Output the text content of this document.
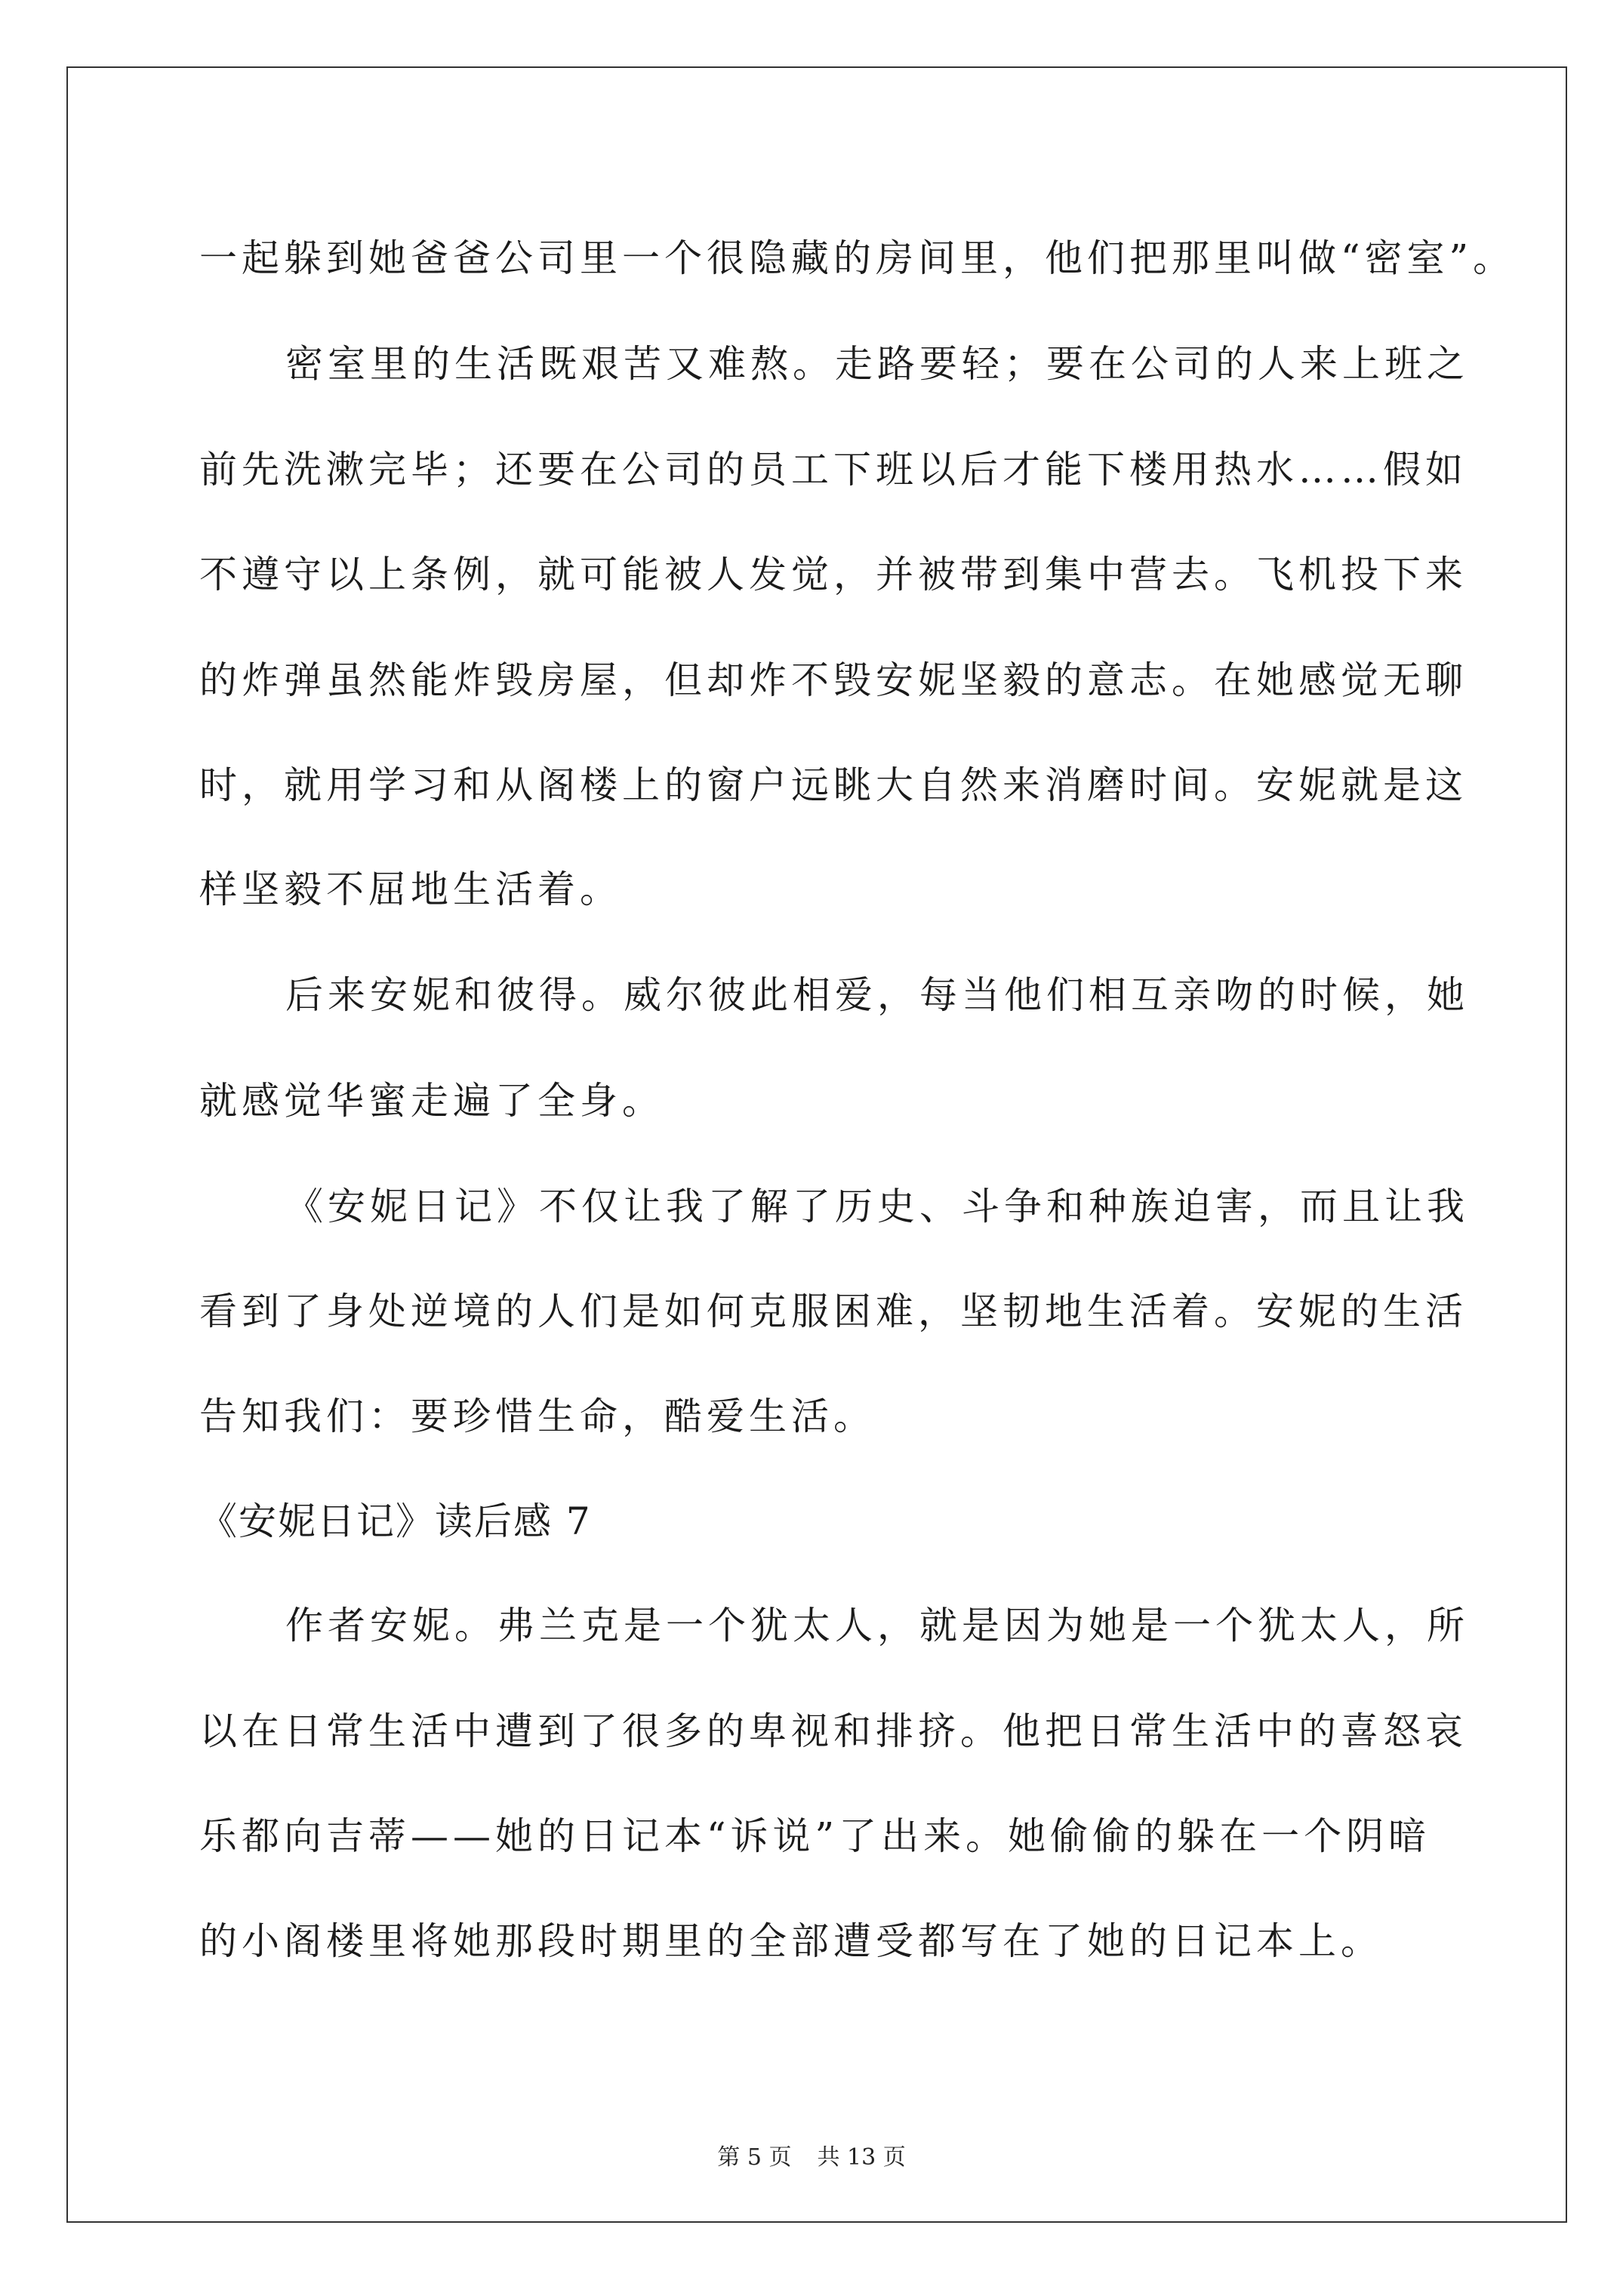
一起躲到她爸爸公司里一个很隐藏的房间里，他们把那里叫做“密室”。
密室里的生活既艰苦又难熬。走路要轻；要在公司的人来上班之
前先洗漱完毕；还要在公司的员工下班以后才能下楼用热水……假如
不遵守以上条例，就可能被人发觉，并被带到集中营去。飞机投下来
的炸弹虽然能炸毁房屋，但却炸不毁安妮坚毅的意志。在她感觉无聊
时，就用学习和从阁楼上的窗户远眺大自然来消磨时间。安妮就是这
样坚毅不屈地生活着。
后来安妮和彼得。威尔彼此相爱，每当他们相互亲吻的时候，她
就感觉华蜜走遍了全身。
《安妮日记》不仅让我了解了历史、斗争和种族迫害，而且让我
看到了身处逆境的人们是如何克服困难，坚韧地生活着。安妮的生活
告知我们：要珍惜生命，酷爱生活。
《安妮日记》读后感 7
作者安妮。弗兰克是一个犹太人，就是因为她是一个犹太人，所
以在日常生活中遭到了很多的卑视和排挤。他把日常生活中的喜怒哀
乐都向吉蒂——她的日记本“诉说”了出来。她偷偷的躲在一个阴暗
的小阁楼里将她那段时期里的全部遭受都写在了她的日记本上。
第 5 页 共 13 页
